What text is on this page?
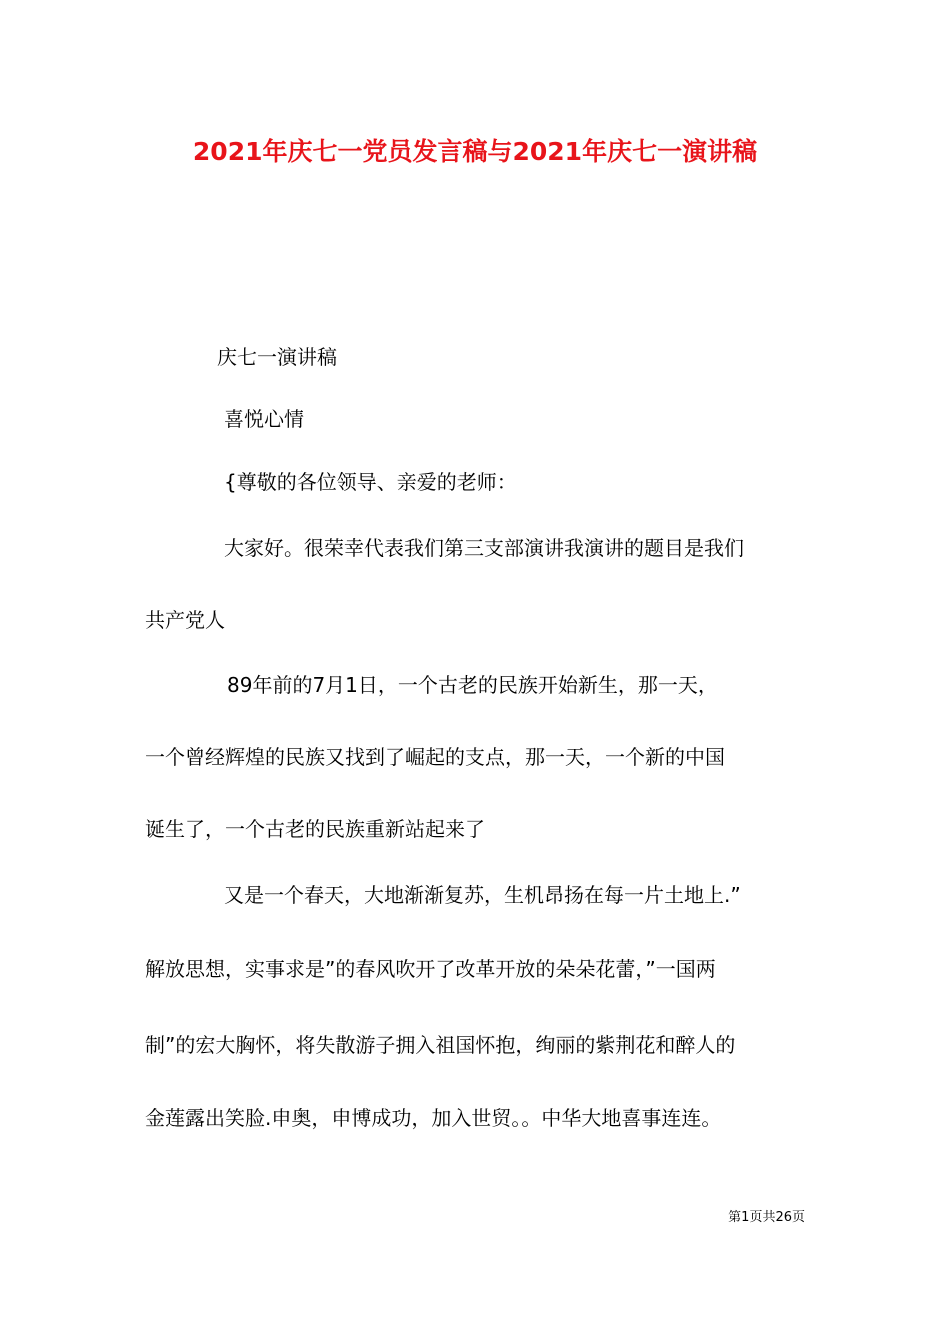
2021年庆七一党员发言稿与2021年庆七一演讲稿

庆七一演讲稿

喜悦心情

{尊敬的各位领导、亲爱的老师：

大家好。很荣幸代表我们第三支部演讲我演讲的题目是我们

共产党人

89年前的7月1日，一个古老的民族开始新生，那一天，

一个曾经辉煌的民族又找到了崛起的支点，那一天，一个新的中国

诞生了，一个古老的民族重新站起来了

又是一个春天，大地渐渐复苏，生机昂扬在每一片土地上.”

解放思想，实事求是”的春风吹开了改革开放的朵朵花蕾，”一国两

制”的宏大胸怀，将失散游子拥入祖国怀抱，绚丽的紫荆花和醉人的

金莲露出笑脸.申奥，申博成功，加入世贸。。中华大地喜事连连。

第1页共26页
